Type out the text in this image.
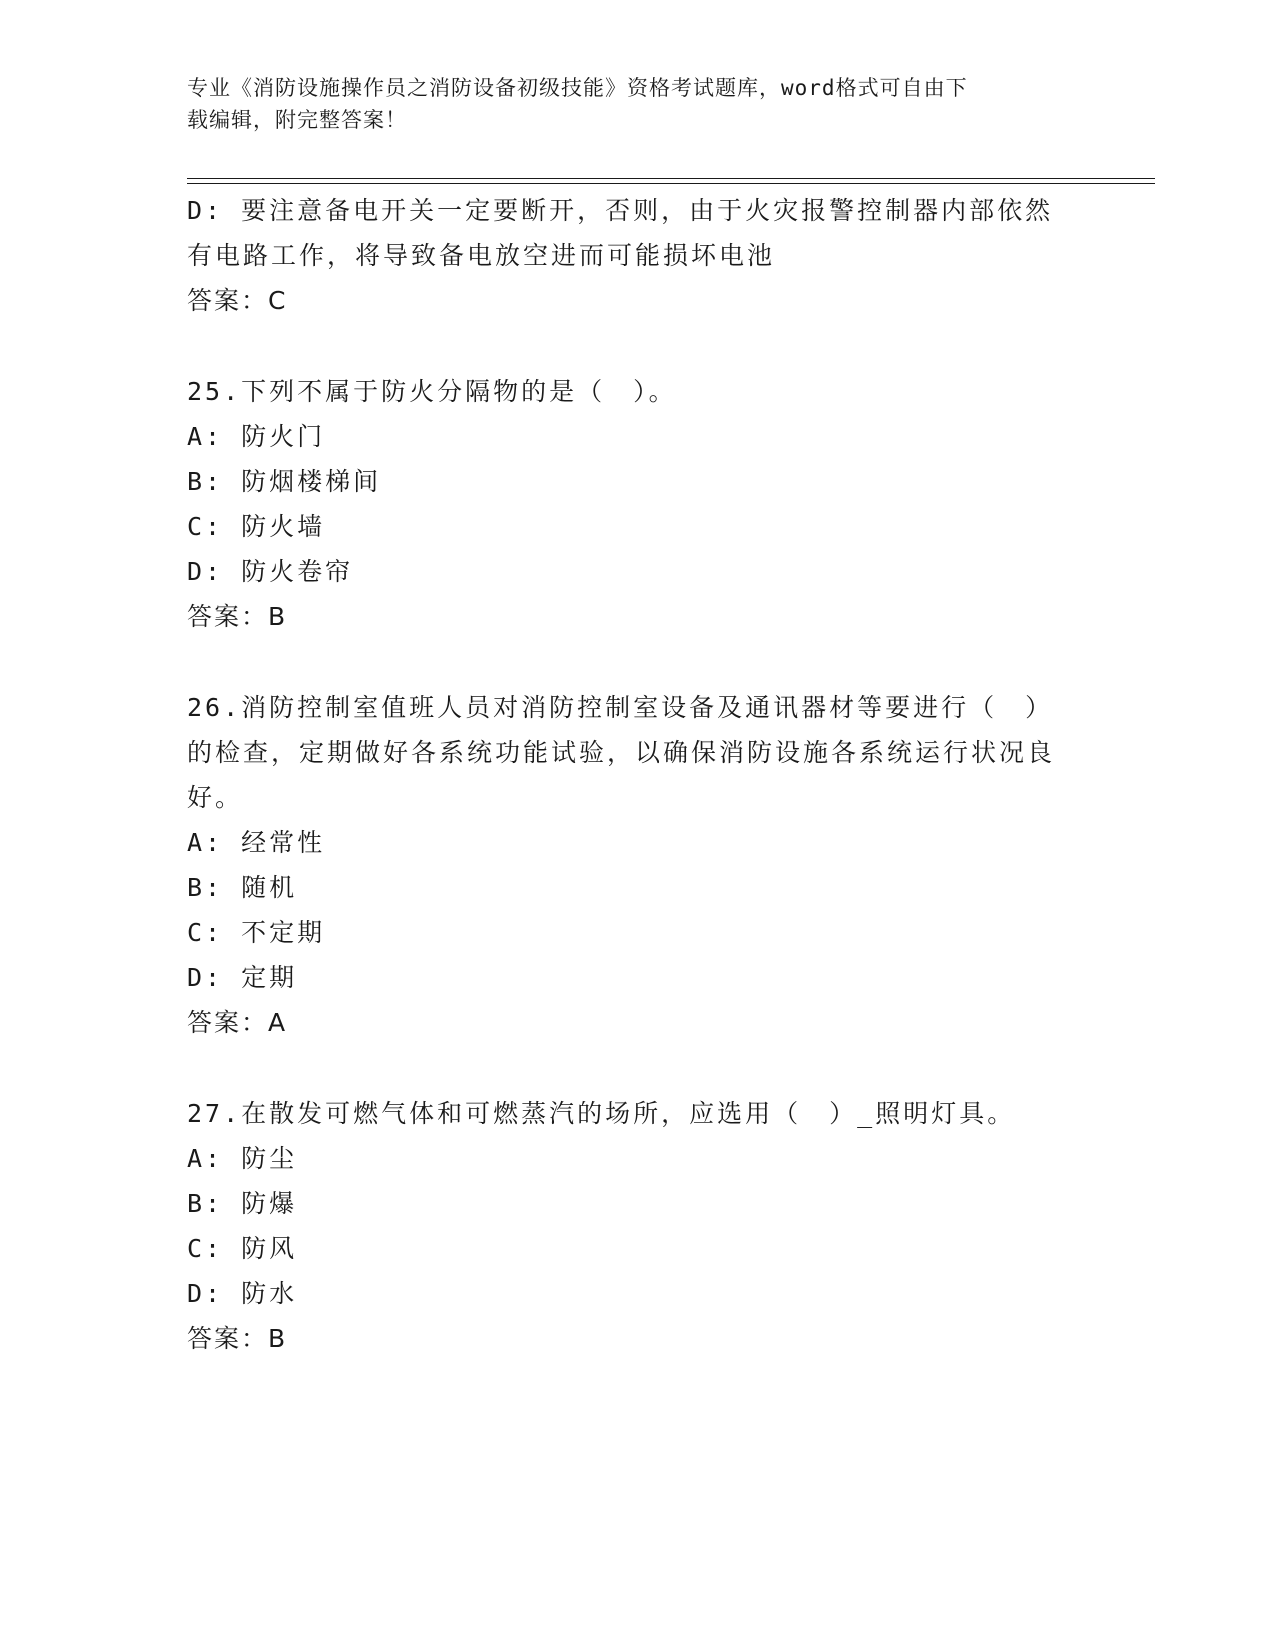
专业《消防设施操作员之消防设备初级技能》资格考试题库，word格式可自由下
载编辑，附完整答案！
D: 要注意备电开关一定要断开，否则，由于火灾报警控制器内部依然
有电路工作，将导致备电放空进而可能损坏电池
答案：C
25.下列不属于防火分隔物的是（　）。
A: 防火门
B: 防烟楼梯间
C: 防火墙
D: 防火卷帘
答案：B
26.消防控制室值班人员对消防控制室设备及通讯器材等要进行（　）的检查，定期做好各系统功能试验，以确保消防设施各系统运行状况良好。
A: 经常性
B: 随机
C: 不定期
D: 定期
答案：A
27.在散发可燃气体和可燃蒸汽的场所，应选用（　）_照明灯具。
A: 防尘
B: 防爆
C: 防风
D: 防水
答案：B
